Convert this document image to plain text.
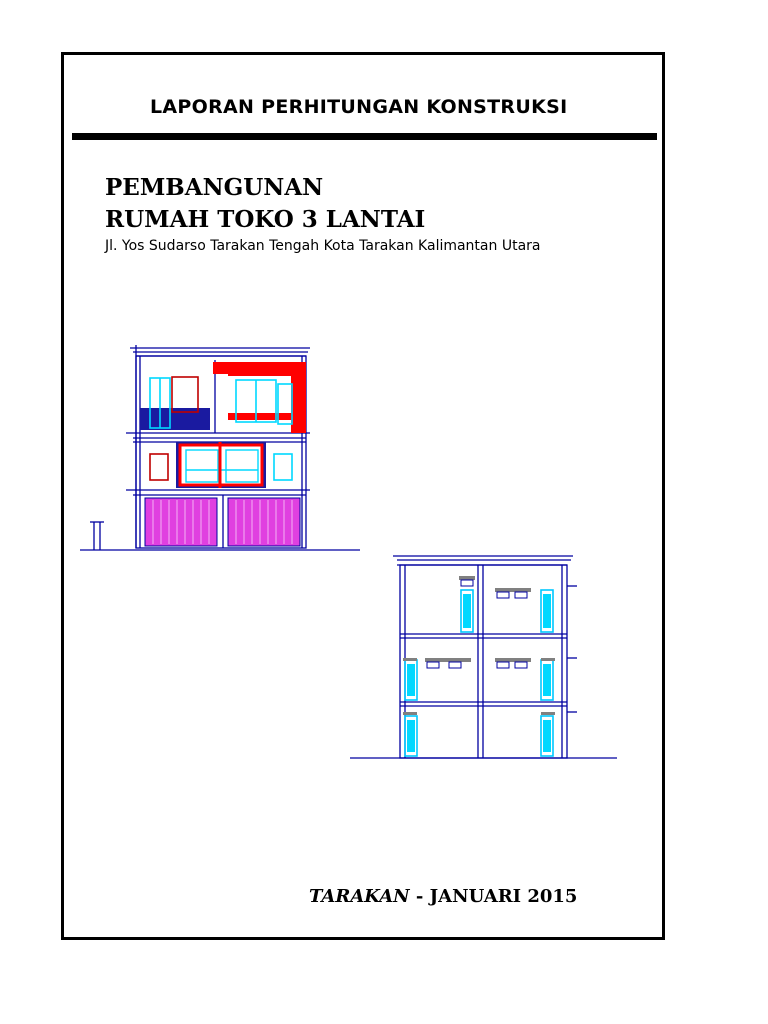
LAPORAN PERHITUNGAN KONSTRUKSI
PEMBANGUNAN
RUMAH TOKO 3 LANTAI
Jl. Yos Sudarso Tarakan Tengah Kota Tarakan Kalimantan Utara
TARAKAN - JANUARI 2015
